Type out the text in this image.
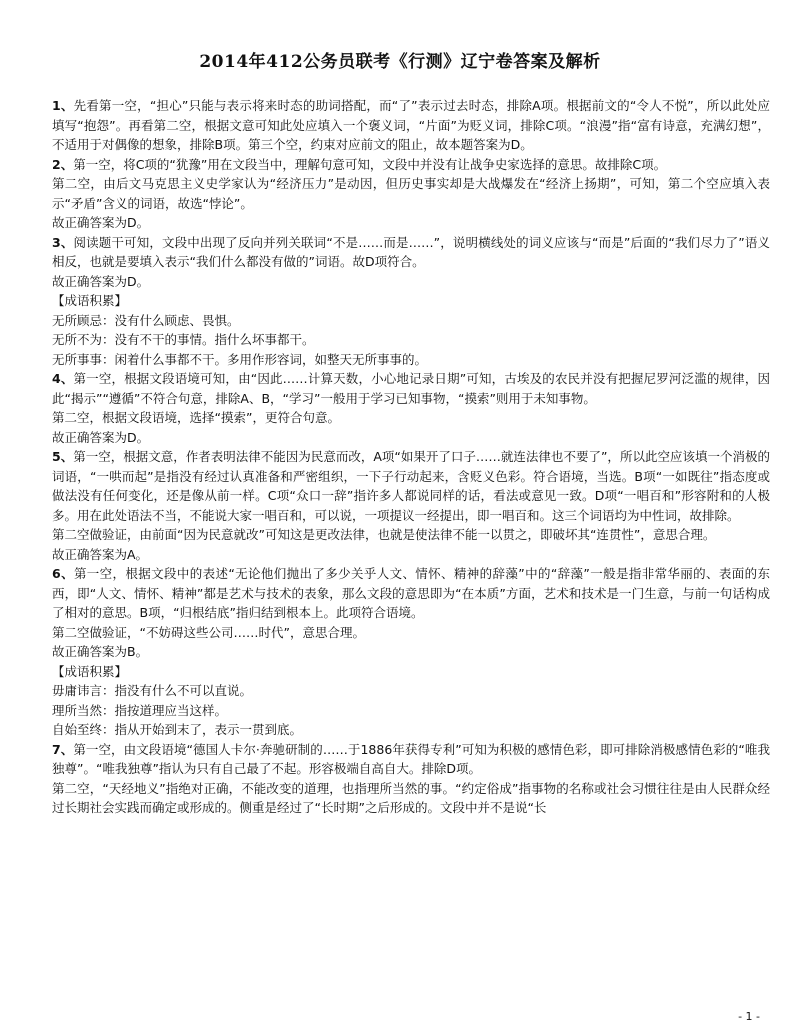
2014年412公务员联考《行测》辽宁卷答案及解析

1、先看第一空，“担心”只能与表示将来时态的助词搭配，而“了”表示过去时态，排除A项。根据前文的“令人不悦”，所以此处应填写“抱怨”。再看第二空，根据文意可知此处应填入一个褒义词，“片面”为贬义词，排除C项。“浪漫”指“富有诗意，充满幻想”，不适用于对偶像的想象，排除B项。第三个空，约束对应前文的阻止，故本题答案为D。

2、第一空，将C项的“犹豫”用在文段当中，理解句意可知，文段中并没有让战争史家选择的意思。故排除C项。

第二空，由后文马克思主义史学家认为“经济压力”是动因，但历史事实却是大战爆发在“经济上扬期”，可知，第二个空应填入表示“矛盾”含义的词语，故选“悖论”。

故正确答案为D。

3、阅读题干可知，文段中出现了反向并列关联词“不是……而是……”，说明横线处的词义应该与“而是”后面的“我们尽力了”语义相反，也就是要填入表示“我们什么都没有做的”词语。故D项符合。

故正确答案为D。

【成语积累】

无所顾忌：没有什么顾虑、畏惧。

无所不为：没有不干的事情。指什么坏事都干。

无所事事：闲着什么事都不干。多用作形容词，如整天无所事事的。

4、第一空，根据文段语境可知，由“因此……计算天数，小心地记录日期”可知，古埃及的农民并没有把握尼罗河泛滥的规律，因此“揭示”“遵循”不符合句意，排除A、B，“学习”一般用于学习已知事物，“摸索”则用于未知事物。

第二空，根据文段语境，选择“摸索”，更符合句意。

故正确答案为D。

5、第一空，根据文意，作者表明法律不能因为民意而改，A项“如果开了口子……就连法律也不要了”，所以此空应该填一个消极的词语，“一哄而起”是指没有经过认真准备和严密组织，一下子行动起来，含贬义色彩。符合语境，当选。B项“一如既往”指态度或做法没有任何变化，还是像从前一样。C项“众口一辞”指许多人都说同样的话，看法或意见一致。D项“一唱百和”形容附和的人极多。用在此处语法不当，不能说大家一唱百和，可以说，一项提议一经提出，即一唱百和。这三个词语均为中性词，故排除。

第二空做验证，由前面“因为民意就改”可知这是更改法律，也就是使法律不能一以贯之，即破坏其“连贯性”，意思合理。

故正确答案为A。

6、第一空，根据文段中的表述“无论他们抛出了多少关乎人文、情怀、精神的辞藻”中的“辞藻”一般是指非常华丽的、表面的东西，即“人文、情怀、精神”都是艺术与技术的表象，那么文段的意思即为“在本质”方面，艺术和技术是一门生意，与前一句话构成了相对的意思。B项，“归根结底”指归结到根本上。此项符合语境。

第二空做验证，“不妨碍这些公司……时代”，意思合理。

故正确答案为B。

【成语积累】

毋庸讳言：指没有什么不可以直说。

理所当然：指按道理应当这样。

自始至终：指从开始到末了，表示一贯到底。

7、第一空，由文段语境“德国人卡尔·奔驰研制的……于1886年获得专利”可知为积极的感情色彩，即可排除消极感情色彩的“唯我独尊”。“唯我独尊”指认为只有自己最了不起。形容极端自高自大。排除D项。

第二空，“天经地义”指绝对正确，不能改变的道理，也指理所当然的事。“约定俗成”指事物的名称或社会习惯往往是由人民群众经过长期社会实践而确定或形成的。侧重是经过了“长时期”之后形成的。文段中并不是说“长

- 1 -
